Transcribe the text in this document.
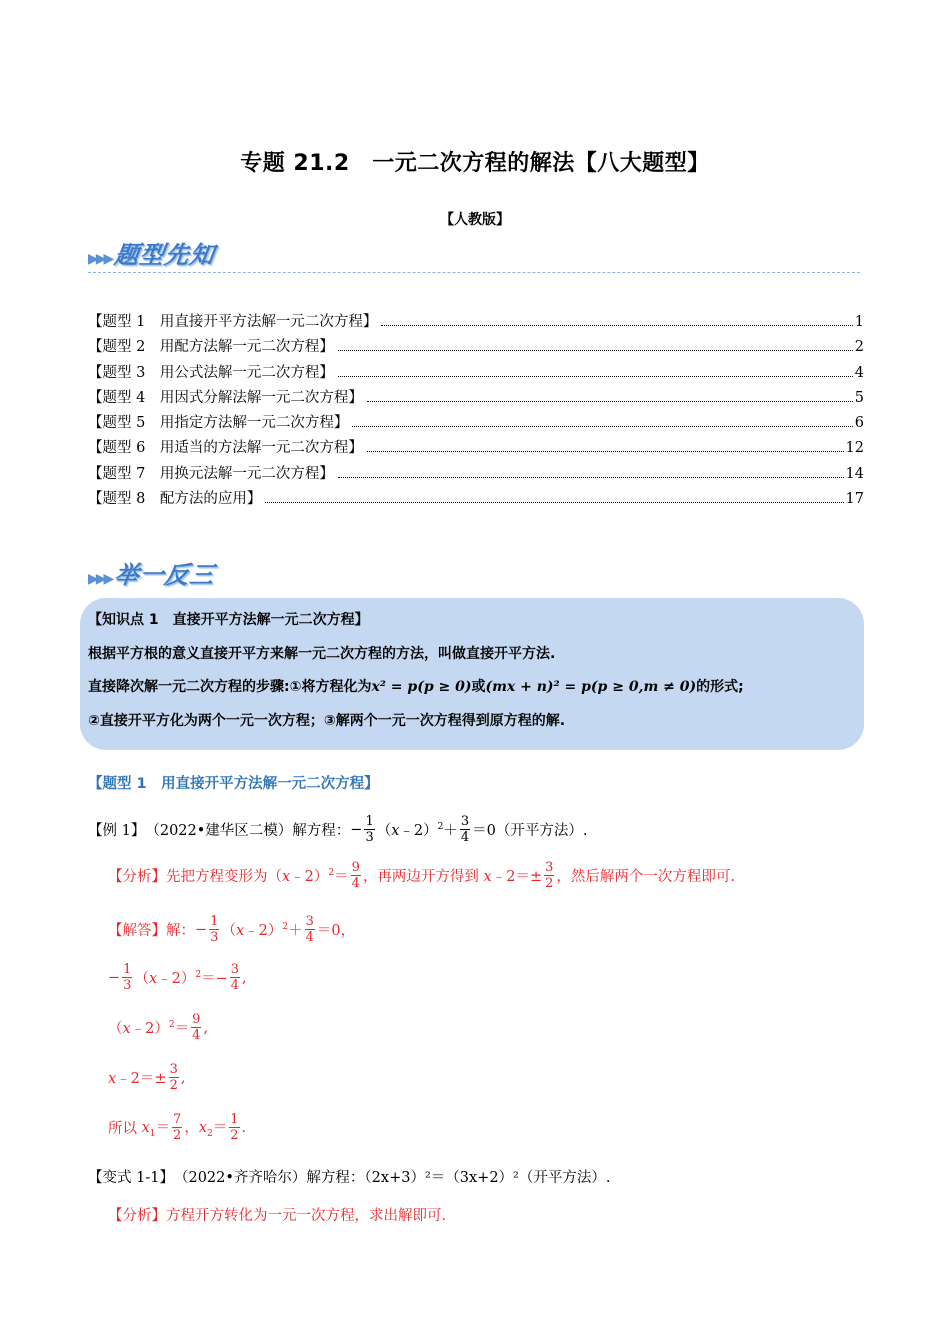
专题 21.2　一元二次方程的解法【八大题型】
【人教版】
▶▶▶ 题型先知
【题型 1　用直接开平方法解一元二次方程】	1
【题型 2　用配方法解一元二次方程】	2
【题型 3　用公式法解一元二次方程】	4
【题型 4　用因式分解法解一元二次方程】	5
【题型 5　用指定方法解一元二次方程】	6
【题型 6　用适当的方法解一元二次方程】	12
【题型 7　用换元法解一元二次方程】	14
【题型 8　配方法的应用】	17
▶▶▶ 举一反三
【知识点 1　直接开平方法解一元二次方程】
根据平方根的意义直接开平方来解一元二次方程的方法，叫做直接开平方法.
直接降次解一元二次方程的步骤:①将方程化为x² = p(p ≥ 0)或(mx + n)² = p(p ≥ 0,m ≠ 0)的形式;
②直接开平方化为两个一元一次方程；③解两个一元一次方程得到原方程的解.
【题型 1　用直接开平方法解一元二次方程】
【例 1】 （2022•建华区二模）解方程： − $\frac{1}{3}$ （x﹣2）$^2$＋ $\frac{3}{4} =0$ （开平方法）.
【分析】 先把方程变形为（ x﹣2）$^2$＝ $\frac{9}{4}$ ，再两边开方得到 x﹣2＝± $\frac{3}{2}$ ，然后解两个一次方程即可.
【解答】 解： − $\frac{1}{3}$ （x﹣2）$^2$＋ $\frac{3}{4} =0$，
− $\frac{1}{3}$ （x﹣2）$^2$＝− $\frac{3}{4}$ ,
（x﹣2）$^2$＝ $\frac{9}{4}$ ,
x﹣2＝± $\frac{3}{2}$ ,
所以 $x_1= \frac{7}{2}$ ，$x_2= \frac{1}{2}$ .
【变式 1-1】 （2022•齐齐哈尔）解方程：（2x+3）²＝（3x+2）²（开平方法）.
【分析】 方程开方转化为一元一次方程，求出解即可.
